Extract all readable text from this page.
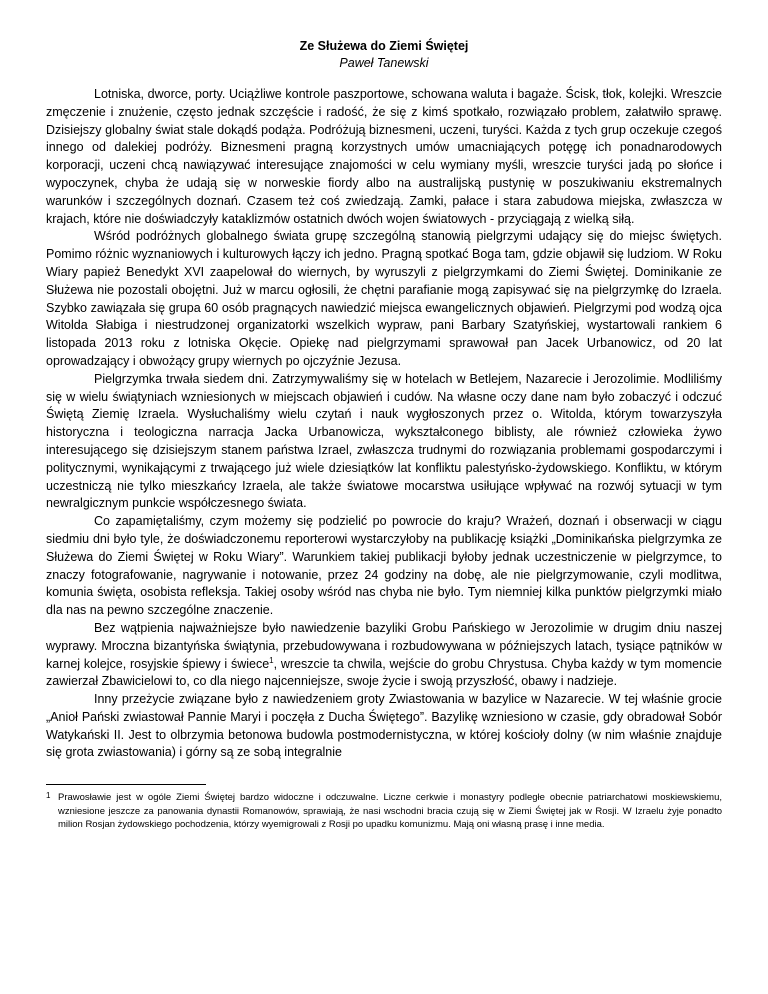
Ze Służewa do Ziemi Świętej
Paweł Tanewski

Lotniska, dworce, porty. Uciążliwe kontrole paszportowe, schowana waluta i bagaże. Ścisk, tłok, kolejki. Wreszcie zmęczenie i znużenie, często jednak szczęście i radość, że się z kimś spotkało, rozwiązało problem, załatwiło sprawę. Dzisiejszy globalny świat stale dokądś podąża. Podróżują biznesmeni, uczeni, turyści. Każda z tych grup oczekuje czegoś innego od dalekiej podróży. Biznesmeni pragną korzystnych umów umacniających potęgę ich ponadnarodowych korporacji, uczeni chcą nawiązywać interesujące znajomości w celu wymiany myśli, wreszcie turyści jadą po słońce i wypoczynek, chyba że udają się w norweskie fiordy albo na australijską pustynię w poszukiwaniu ekstremalnych warunków i szczególnych doznań. Czasem też coś zwiedzają. Zamki, pałace i stara zabudowa miejska, zwłaszcza w krajach, które nie doświadczyły kataklizmów ostatnich dwóch wojen światowych - przyciągają z wielką siłą.

Wśród podróżnych globalnego świata grupę szczególną stanowią pielgrzymi udający się do miejsc świętych. Pomimo różnic wyznaniowych i kulturowych łączy ich jedno. Pragną spotkać Boga tam, gdzie objawił się ludziom. W Roku Wiary papież Benedykt XVI zaapelował do wiernych, by wyruszyli z pielgrzymkami do Ziemi Świętej. Dominikanie ze Służewa nie pozostali obojętni. Już w marcu ogłosili, że chętni parafianie mogą zapisywać się na pielgrzymkę do Izraela. Szybko zawiązała się grupa 60 osób pragnących nawiedzić miejsca ewangelicznych objawień. Pielgrzymi pod wodzą ojca Witolda Słabiga i niestrudzonej organizatorki wszelkich wypraw, pani Barbary Szatyńskiej, wystartowali rankiem 6 listopada 2013 roku z lotniska Okęcie. Opiekę nad pielgrzymami sprawował pan Jacek Urbanowicz, od 20 lat oprowadzający i obwożący grupy wiernych po ojczyźnie Jezusa.

Pielgrzymka trwała siedem dni. Zatrzymywaliśmy się w hotelach w Betlejem, Nazarecie i Jerozolimie. Modliliśmy się w wielu świątyniach wzniesionych w miejscach objawień i cudów. Na własne oczy dane nam było zobaczyć i odczuć Świętą Ziemię Izraela. Wysłuchaliśmy wielu czytań i nauk wygłoszonych przez o. Witolda, którym towarzyszyła historyczna i teologiczna narracja Jacka Urbanowicza, wykształconego biblisty, ale również człowieka żywo interesującego się dzisiejszym stanem państwa Izrael, zwłaszcza trudnymi do rozwiązania problemami gospodarczymi i politycznymi, wynikającymi z trwającego już wiele dziesiątków lat konfliktu palestyńsko-żydowskiego. Konfliktu, w którym uczestniczą nie tylko mieszkańcy Izraela, ale także światowe mocarstwa usiłujące wpływać na rozwój sytuacji w tym newralgicznym punkcie współczesnego świata.

Co zapamiętaliśmy, czym możemy się podzielić po powrocie do kraju? Wrażeń, doznań i obserwacji w ciągu siedmiu dni było tyle, że doświadczonemu reporterowi wystarczyłoby na publikację książki „Dominikańska pielgrzymka ze Służewa do Ziemi Świętej w Roku Wiary”. Warunkiem takiej publikacji byłoby jednak uczestniczenie w pielgrzymce, to znaczy fotografowanie, nagrywanie i notowanie, przez 24 godziny na dobę, ale nie pielgrzymowanie, czyli modlitwa, komunia święta, osobista refleksja. Takiej osoby wśród nas chyba nie było. Tym niemniej kilka punktów pielgrzymki miało dla nas na pewno szczególne znaczenie.

Bez wątpienia najważniejsze było nawiedzenie bazyliki Grobu Pańskiego w Jerozolimie w drugim dniu naszej wyprawy. Mroczna bizantyńska świątynia, przebudowywana i rozbudowywana w późniejszych latach, tysiące pątników w karnej kolejce, rosyjskie śpiewy i świece$^1$, wreszcie ta chwila, wejście do grobu Chrystusa. Chyba każdy w tym momencie zawierzał Zbawicielowi to, co dla niego najcenniejsze, swoje życie i swoją przyszłość, obawy i nadzieje.

Inny przeżycie związane było z nawiedzeniem groty Zwiastowania w bazylice w Nazarecie. W tej właśnie grocie „Anioł Pański zwiastował Pannie Maryi i poczęła z Ducha Świętego”. Bazylikę wzniesiono w czasie, gdy obradował Sobór Watykański II. Jest to olbrzymia betonowa budowla postmodernistyczna, w której kościoły dolny (w nim właśnie znajduje się grota zwiastowania) i górny są ze sobą integralnie

1 Prawosławie jest w ogóle Ziemi Świętej bardzo widoczne i odczuwalne. Liczne cerkwie i monastyry podległe obecnie patriarchatowi moskiewskiemu, wzniesione jeszcze za panowania dynastii Romanowów, sprawiają, że nasi wschodni bracia czują się w Ziemi Świętej jak w Rosji. W Izraelu żyje ponadto milion Rosjan żydowskiego pochodzenia, którzy wyemigrowali z Rosji po upadku komunizmu. Mają oni własną prasę i inne media.
